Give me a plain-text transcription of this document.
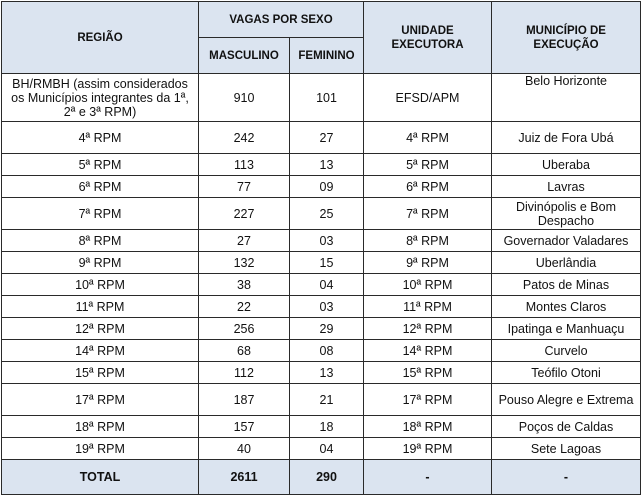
REGIÃO	VAGAS POR SEXO		UNIDADE EXECUTORA	MUNICÍPIO DE EXECUÇÃO
	MASCULINO	FEMININO		
BH/RMBH (assim considerados os Municípios integrantes da 1ª, 2ª e 3ª RPM)	910	101	EFSD/APM	Belo Horizonte
4ª RPM	242	27	4ª RPM	Juiz de Fora Ubá
5ª RPM	113	13	5ª RPM	Uberaba
6ª RPM	77	09	6ª RPM	Lavras
7ª RPM	227	25	7ª RPM	Divinópolis e Bom Despacho
8ª RPM	27	03	8ª RPM	Governador Valadares
9ª RPM	132	15	9ª RPM	Uberlândia
10ª RPM	38	04	10ª RPM	Patos de Minas
11ª RPM	22	03	11ª RPM	Montes Claros
12ª RPM	256	29	12ª RPM	Ipatinga e Manhuaçu
14ª RPM	68	08	14ª RPM	Curvelo
15ª RPM	112	13	15ª RPM	Teófilo Otoni
17ª RPM	187	21	17ª RPM	Pouso Alegre e Extrema
18ª RPM	157	18	18ª RPM	Poços de Caldas
19ª RPM	40	04	19ª RPM	Sete Lagoas
TOTAL	2611	290	-	-
